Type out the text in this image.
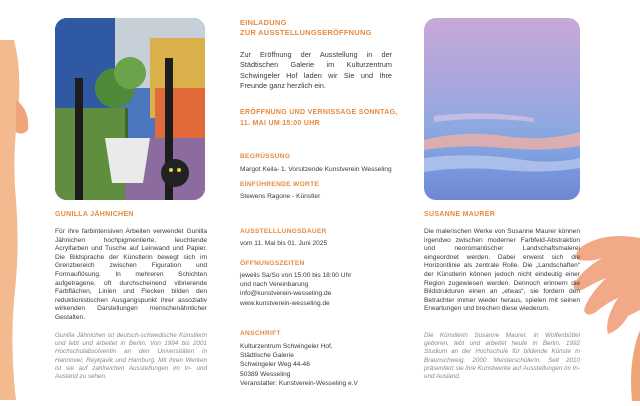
GUNILLA JÄHNICHEN
Für ihre farbintensiven Arbeiten verwendet Gunilla Jähnichen hochpigmentierte, leuchtende Acrylfarben und Tusche auf Leinwand und Papier. Die Bildsprache der Künstlerin bewegt sich im Grenzbereich zwischen Figuration und Formauflösung. In mehreren Schichten aufgetragene, oft durchscheinend vibrierende Farbflächen, Linien und Flecken bilden den reduktionistischen Ausgangspunkt ihrer assoziativ wirkenden Darstellungen menschenähnlicher Gestalten.
Gunilla Jähnichen ist deutsch-schwedische Künstlerin und lebt und arbeitet in Berlin. Von 1994 bis 2001 Hochschulabsolventin an den Universitäten in Hannover, Reykjavik und Hamburg. Mit ihren Werken ist sie auf zahlreichen Ausstellungen im In- und Ausland zu sehen.
EINLADUNG
ZUR AUSSTELLUNGSERÖFFNUNG
Zur Eröffnung der Ausstellung in der Städtischen Galerie im Kulturzentrum Schwingeler Hof laden wir Sie und Ihre Freunde ganz herzlich ein.
ERÖFFNUNG UND VERNISSAGE SONNTAG,
11. MAI UM 15:00 UHR
BEGRÜSSUNG
Margot Keila- 1. Vorsitzende Kunstverein Wesseling
EINFÜHRENDE WORTE
Stewens Ragone - Künstler
AUSSTELLLUNGSDAUER
vom 11. Mai bis 01. Juni 2025
ÖFFNUNGSZEITEN
jeweils Sa/So von 15:00 bis 18:00 Uhr
und nach Vereinbarung
info@kunstverein-wesseling.de
www.kunstverein-wesseling.de
ANSCHRIFT
Kulturzentrum Schwingeler Hof,
Städtische Galerie
Schwingeler Weg 44-46
50389 Wesseling
Veranstalter: Kunstverein-Wesseling e.V
SUSANNE MAURER
Die malerischen Werke von Susanne Maurer können irgendwo zwischen moderner Farbfeld-Abstraktion und neoromantischer Landschaftsmalerei eingeordnet werden. Dabei erweist sich die Horizontlinie als zentrale Rolle. Die „Landschaften“ der Künstlerin können jedoch nicht eindeutig einer Region zugewiesen werden. Dennoch erinnern die Bildstrukturen einen an „etwas“, sie fordern den Betrachter immer wieder heraus, spielen mit seinen Erwartungen und brechen diese wiederum.
Die Künstlerin Susanne Maurer, in Wolfenbüttel geboren, lebt und arbeitet heute in Berlin. 1992 Studium an der Hochschule für bildende Künste in Braunschweig. 2000 Meisterschülerin. Seit 2010 präsentiert sie ihre Kunstwerke auf Ausstellungen im In- und Ausland.
